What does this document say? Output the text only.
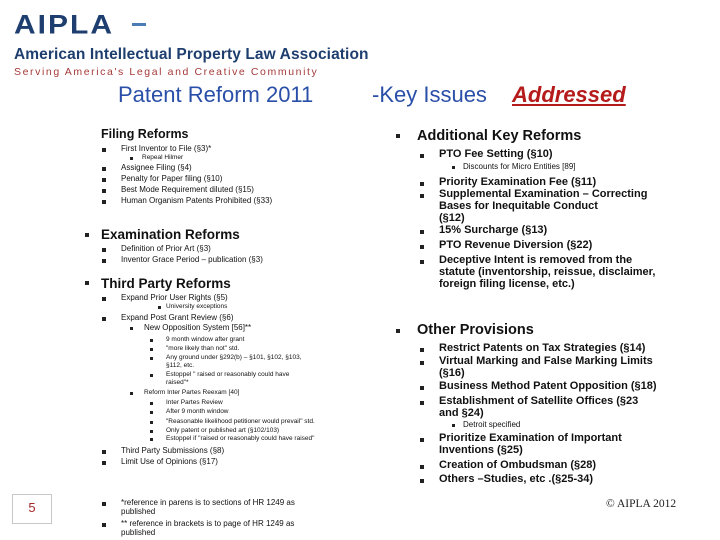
AIPLA
American Intellectual Property Law Association
Serving America's Legal and Creative Community
Patent Reform 2011	-Key Issues Addressed
Filing Reforms
First Inventor to File (§3)*
Repeal Hilmer
Assignee Filing (§4)
Penalty for Paper filing (§10)
Best Mode Requirement diluted (§15)
Human Organism Patents Prohibited (§33)
Examination Reforms
Definition of Prior Art (§3)
Inventor Grace Period – publication (§3)
Third Party Reforms
Expand Prior User Rights (§5)
University exceptions
Expand Post Grant Review (§6)
New Opposition System [56]**
9 month window after grant
"more likely than not" std.
Any ground under §292(b) – §101, §102, §103,
§112, etc.
Estoppel " raised or reasonably could have
raised"*
Reform Inter Partes Reexam [40]
Inter Partes Review
After 9 month window
"Reasonable likelihood petitioner would prevail" std.
Only patent or published art (§102/103)
Estoppel if "raised or reasonably could have raised"
Third Party Submissions (§8)
Limit Use of Opinions (§17)
*reference in parens is to sections of HR 1249 as
published
** reference in brackets is to page of HR 1249 as
published
Additional Key Reforms
PTO Fee Setting (§10)
Discounts for Micro Entities [89]
Priority Examination Fee (§11)
Supplemental Examination – Correcting
Bases for Inequitable Conduct
(§12)
15% Surcharge (§13)
PTO Revenue Diversion (§22)
Deceptive Intent is removed from the
statute (inventorship, reissue, disclaimer,
foreign filing license, etc.)
Other Provisions
Restrict Patents on Tax Strategies (§14)
Virtual Marking and False Marking Limits
(§16)
Business Method Patent Opposition (§18)
Establishment of Satellite Offices (§23
and §24)
Detroit specified
Prioritize Examination of Important
Inventions (§25)
Creation of Ombudsman (§28)
Others –Studies, etc .(§25-34)
5	© AIPLA 2012
